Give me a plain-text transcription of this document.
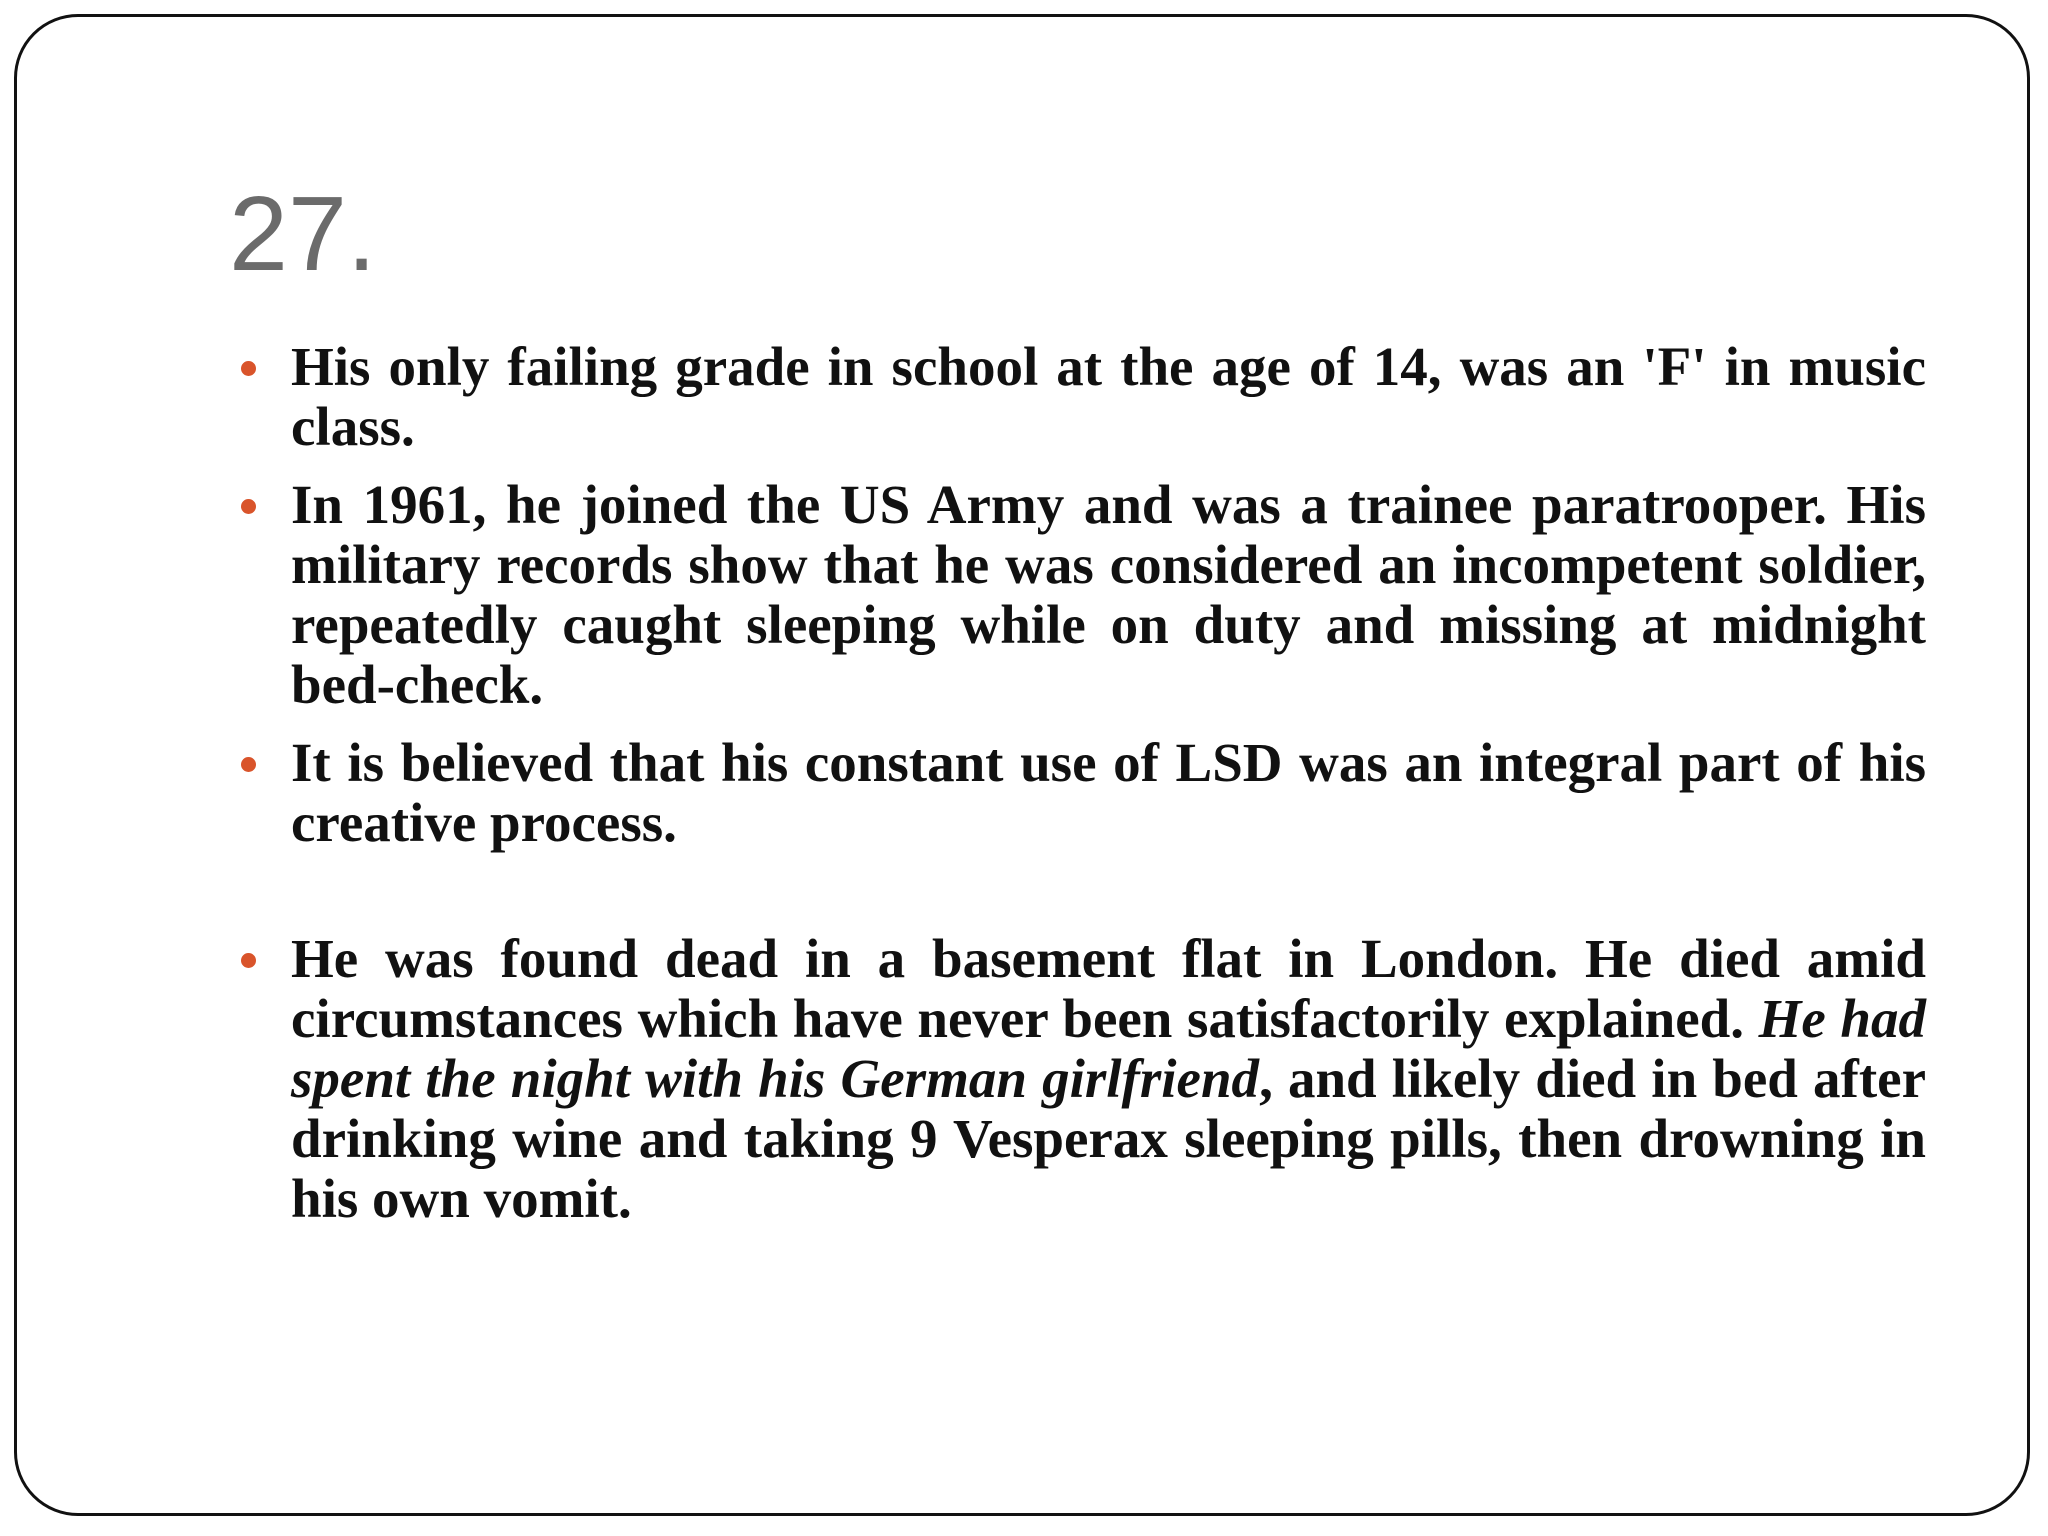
27.
His only failing grade in school at the age of 14, was an 'F' in music class.
In 1961, he joined the US Army and was a trainee paratrooper. His military records show that he was considered an incompetent soldier, repeatedly caught sleeping while on duty and missing at midnight bed-check.
It is believed that his constant use of LSD was an integral part of his creative process.
He was found dead in a basement flat in London. He died amid circumstances which have never been satisfactorily explained. He had spent the night with his German girlfriend, and likely died in bed after drinking wine and taking 9 Vesperax sleeping pills, then drowning in his own vomit.
